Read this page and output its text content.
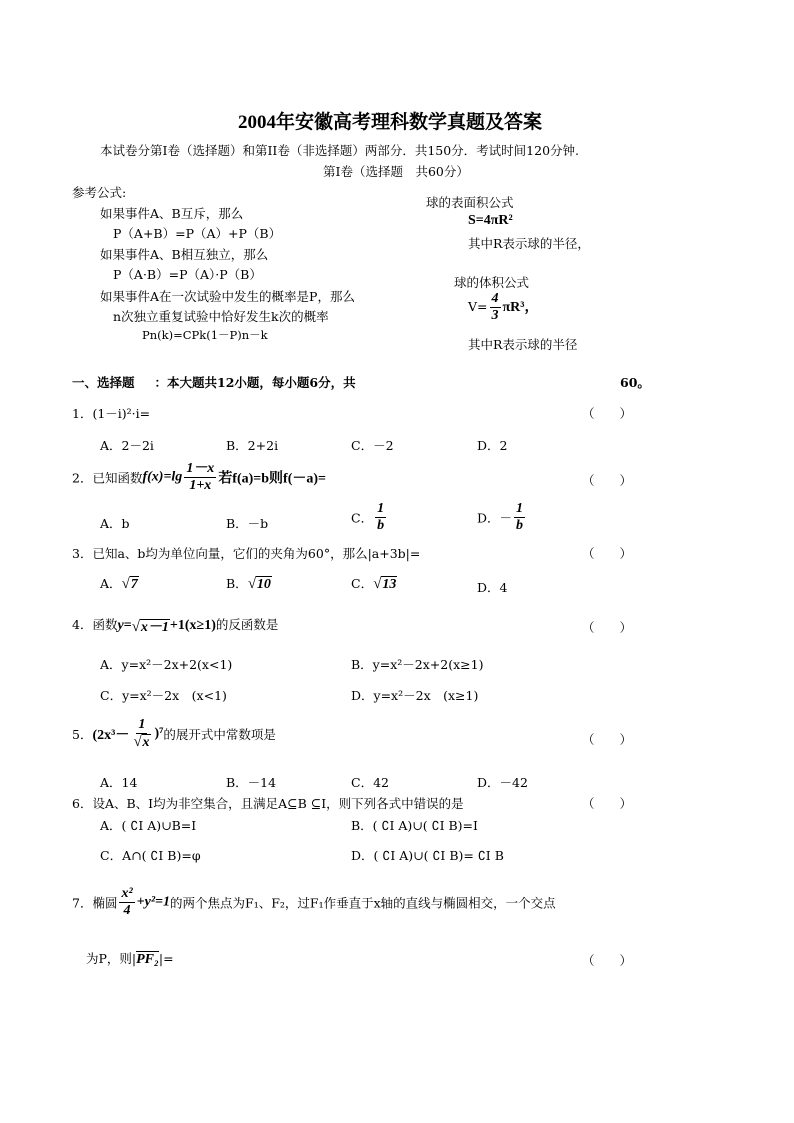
2004年安徽高考理科数学真题及答案
本试卷分第Ⅰ卷（选择题）和第II卷（非选择题）两部分．共150分．考试时间120分钟.
第Ⅰ卷（选择题　共60分）
参考公式:
如果事件A、B互斥，那么
P（A+B）=P（A）+P（B）
如果事件A、B相互独立，那么
P（A·B）=P（A）·P（B）
如果事件A在一次试验中发生的概率是P，那么
n次独立重复试验中恰好发生k次的概率
Pn(k)=CPk(1－P)n－k
球的表面积公式
S=4πR²
其中R表示球的半径，
球的体积公式
$V= \frac{4}{3} \pi R^3$，
其中R表示球的半径
一、选择题 ：本大题共12小题，每小题6分，共	60。
1．(1－i)²·i=	（　　）
A．2－2i	B．2+2i	C．－2	D．2
2．已知函数$f(x)=\lg \frac{1-x}{1+x}$ 若f(a)=b则f(－a)=	（　　）
A．b	B．－b	C． $\frac{1}{b}$	D．－ $\frac{1}{b}$
3．已知a、b均为单位向量，它们的夹角为60°，那么|a+3b|=	（　　）
A．√7	B．√10	C．√13	D．4
4．函数y=√x－1+1(x≥1)的反函数是	（　　）
A．y=x²－2x+2(x<1)	B．y=x²－2x+2(x≥1)
C．y=x²－2x　(x<1)	D．y=x²－2x　(x≥1)
5．$(2x^3- \frac{1}{√x} )^7$的展开式中常数项是	（　　）
A．14	B．－14	C．42	D．－42
6．设A、B、I均为非空集合，且满足A⊆B ⊆I，则下列各式中错误的是	（　　）
A．( ∁I A)∪B=I	B．( ∁I A)∪( ∁I B)=I
C．A∩( ∁I B)=φ	D．( ∁I A)∪( ∁I B)= ∁I B
7．椭圆 $\frac{\text{x²}}{4} +y^2=1$的两个焦点为F₁、F₂，过F₁作垂直于x轴的直线与椭圆相交，一个交点
为P，则|PF₂|=	（　　）
